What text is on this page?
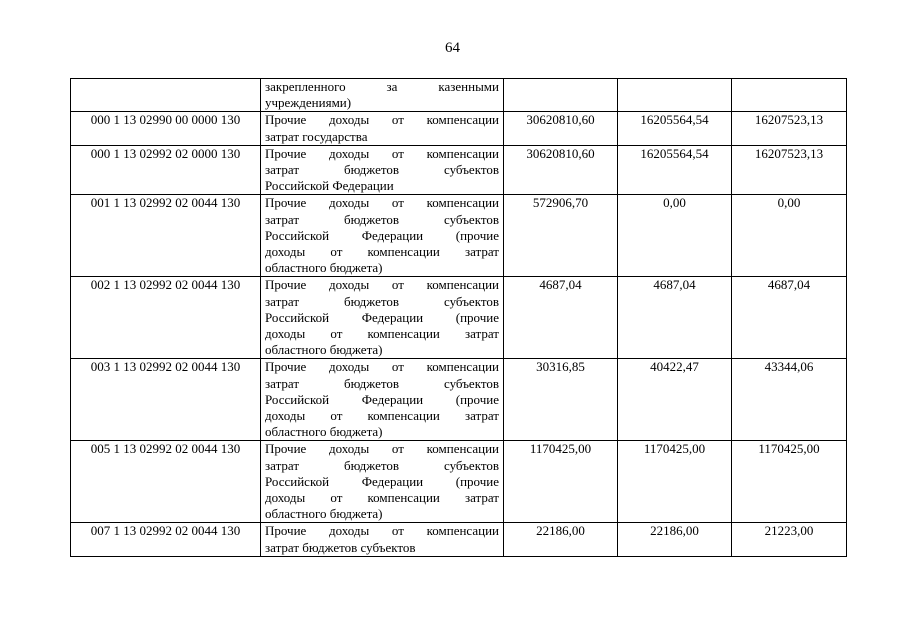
64

	закрепленного за казенными
учреждениями)			

000 1 13 02990 00 0000 130	Прочие доходы от компенсации
затрат государства	30620810,60	16205564,54	16207523,13
000 1 13 02992 02 0000 130	Прочие доходы от компенсации
затрат бюджетов субъектов
Российской Федерации	30620810,60	16205564,54	16207523,13
001 1 13 02992 02 0044 130	Прочие доходы от компенсации
затрат бюджетов субъектов
Российской Федерации (прочие
доходы от компенсации затрат
областного бюджета)	572906,70	0,00	0,00
002 1 13 02992 02 0044 130	Прочие доходы от компенсации
затрат бюджетов субъектов
Российской Федерации (прочие
доходы от компенсации затрат
областного бюджета)	4687,04	4687,04	4687,04
003 1 13 02992 02 0044 130	Прочие доходы от компенсации
затрат бюджетов субъектов
Российской Федерации (прочие
доходы от компенсации затрат
областного бюджета)	30316,85	40422,47	43344,06
005 1 13 02992 02 0044 130	Прочие доходы от компенсации
затрат бюджетов субъектов
Российской Федерации (прочие
доходы от компенсации затрат
областного бюджета)	1170425,00	1170425,00	1170425,00
007 1 13 02992 02 0044 130	Прочие доходы от компенсации
затрат бюджетов субъектов	22186,00	22186,00	21223,00
